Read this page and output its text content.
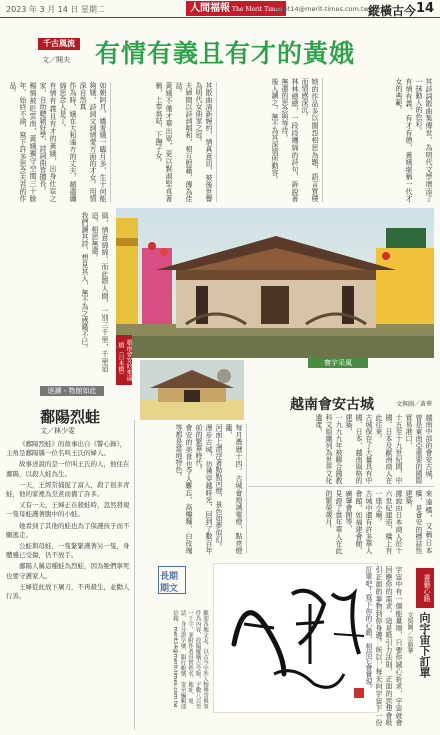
2023 年 3 月 14 日 星期二	人間福報 The Merit Times
merit14@merit-times.com.tw 縱橫古今 14
千古風流
文／開夫 有情有義且有才的黃娥
如朝阿月，嬌羞娥一臨月多，生十何能夠娥，詩詞文詞情愛方面的才女。用情深自然真
作為時，娥在大和遠方的丈夫，頗盡纏綿思念人是了。
有情有義且有才的黃娥，出身仕宦之家，自幼聰穎好學，詩詞曲皆擅長。
楊慎被貶雲南，黃娥獨守空閨三十餘年，始終不渝，寫下許多思念夫君的作品。	其散曲清新婉約，情真意切，被後世譽為明代女曲家之冠。
夫婦間以詩詞唱和，相互慰藉，傳為佳話。
黃娥不僅才華出眾，更以賢淑堅貞著稱，上奉翁姑，下撫子女。	她的作品多以閨怨相思為題，語言質樸而情感深沉。
林林總總，一段段纏綿的詩句，訴說著無盡的思念與等待。
後人讀之，無不為其深情所動容。	其詩詞散曲集傳世，為明代文學增添了一抹動人的色彩。
有情有義，有才有德，黃娥堪稱一代才女的典範。
風，情意綿綿，而此際人間，一別三千里，千里迢迢，相思無盡。
我們讀其詩，想見其人，無不為之感嘆不已。
越南會安的來遠橋（日本橋）	寰宇采風
越南會安古城	文與圖／黃華
越南中部的會安古城，曾是東南亞重要的國際貿易港口，
十五至十九世紀間，中國、日本及歐洲商人在此往來。
古城保存了大量具有中國、日本、越南風格的建築，
一九九九年被聯合國教科文組織列為世界文化遺產。
來遠橋，又稱日本橋，是會安的標誌性建築，
據說由日本商人於十六世紀建造，橋上有一座小廟。
古城中還有許多華人會館，如福建會館、廣肇會館等，
見證了當年華人在此的繁榮歲月。
每月農曆十四，古城會熄滅電燈，點亮燈籠，
河面上漂浮著點點河燈，景色如夢似幻。
漫步古城，彷彿穿越時光，回到了數百年前的繁華時代。
會安的美食也令人難忘，高樓麵、白玫瑰等都是當地特色。
逐讀・物館如此
鄱陽烈蛙
文／林少雯

《鄱陽烈蛙》的故事出自《警心錄》，主角是鄱陽縣一位名叫王氏的婦人。

故事述說的是一位叫王氏的人，他住在鄱陽，以殺人蛙為生。

一天，王經常捕捉了富人，殺了很多青蛙，他的家裡為烹煮而備了許多。

又有一天，王婦正在殺蛙時，忽然發現一隻母蛙護著腹中的小蛙。

她看到了其他的蛙也為了保護孩子而不願逃走。

公蛙與母蛙，一隻緊緊護著另一隻，身體雖已受傷，仍不放手。

鄱陽人稱這種蛙為烈蛙，因為牠們寧死也要守護家人。

王婦從此放下屠刀，不再殺生，並勸人行善。

長期
期文
歡迎各地文友，以古今中外人物傳奇與事件為內容，投稿縱橫古今版。字數八百至一千字，並附作者真實姓名、地址、電話、身分證字號、銀行帳號，寄至編輯部信箱：merit14@merit-times.com.tw
書藝心路
向宇宙下訂單
文與圖／宗勝華
宇宙中有一個能量場，只要你誠心祈求，宇宙就會回應你的需求。這是吸引力法則，正面的思想會吸引正面的事物到你身邊。所以，每天向宇宙下一份訂單吧！寫下你的心願，相信它會實現。
